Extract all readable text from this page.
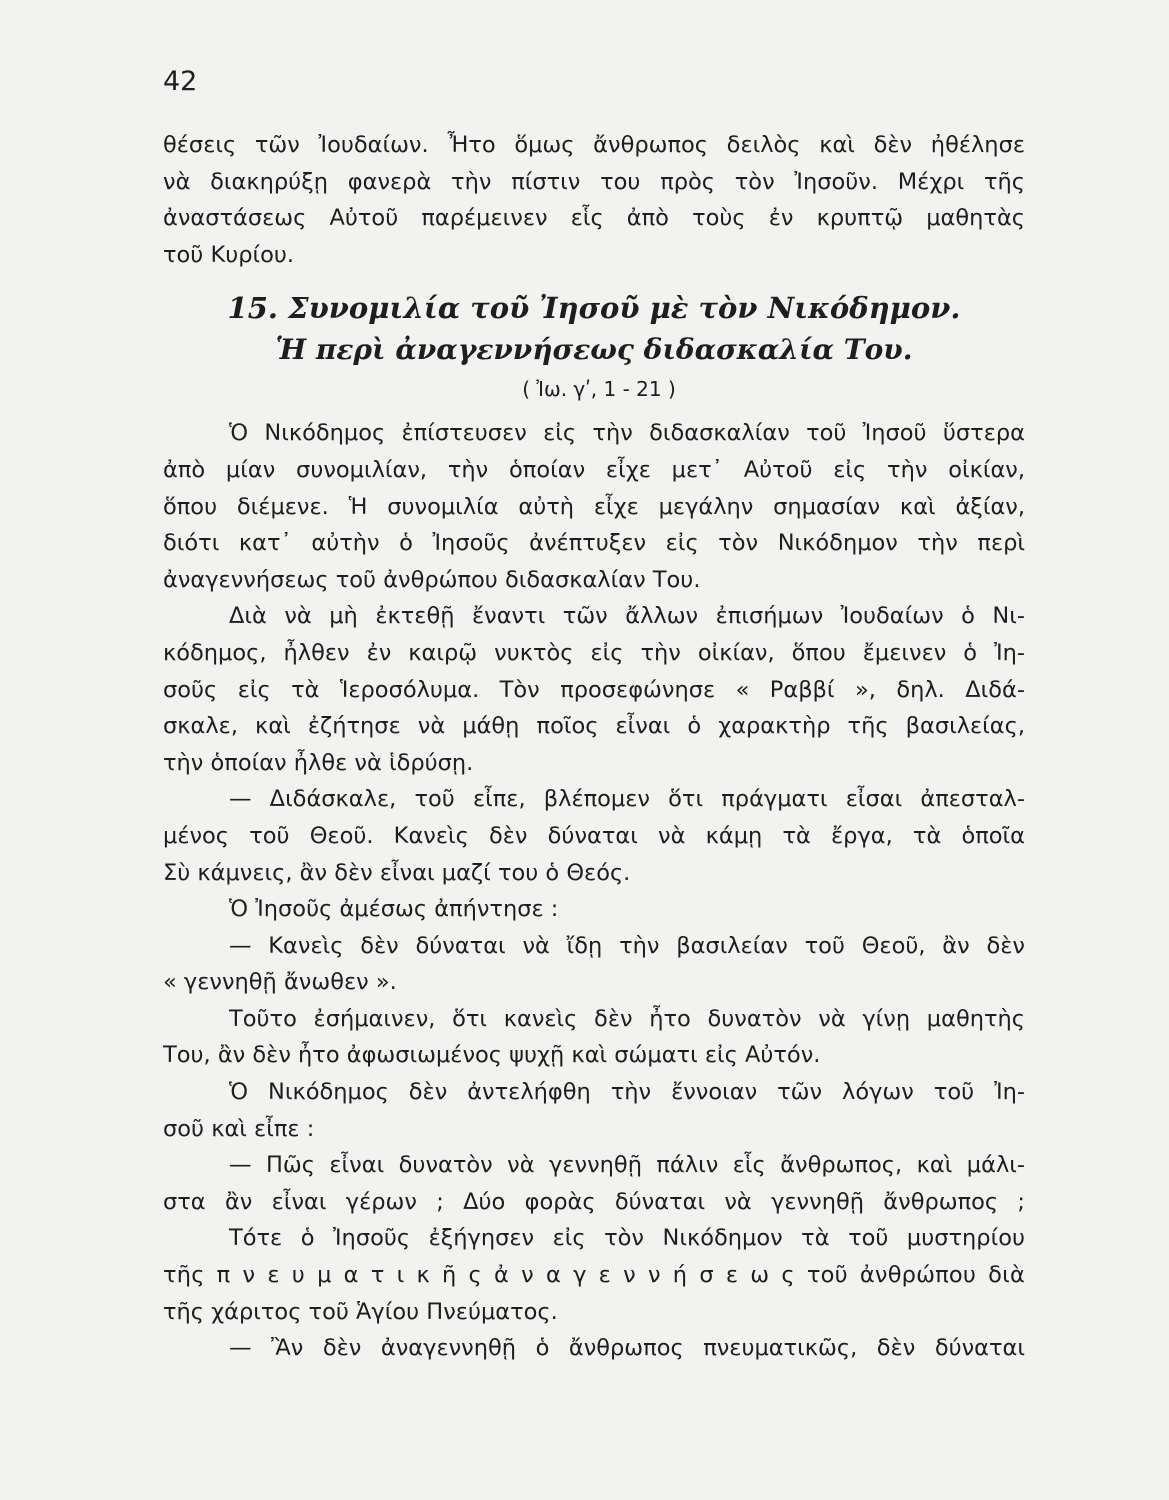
42
θέσεις τῶν Ἰουδαίων. Ἦτο ὅμως ἄνθρωπος δειλὸς καὶ δὲν ἠθέλησε
νὰ διακηρύξῃ φανερὰ τὴν πίστιν του πρὸς τὸν Ἰησοῦν. Μέχρι τῆς
ἀναστάσεως Αὐτοῦ παρέμεινεν εἷς ἀπὸ τοὺς ἐν κρυπτῷ μαθητὰς
τοῦ Κυρίου.
15. Συνομιλία τοῦ Ἰησοῦ μὲ τὸν Νικόδημον.
Ἡ περὶ ἀναγεννήσεως διδασκαλία Του.
( Ἰω. γʹ, 1 - 21 )
Ὁ Νικόδημος ἐπίστευσεν εἰς τὴν διδασκαλίαν τοῦ Ἰησοῦ ὕστερα
ἀπὸ μίαν συνομιλίαν, τὴν ὁποίαν εἶχε μετ᾽ Αὐτοῦ εἰς τὴν οἰκίαν,
ὅπου διέμενε. Ἡ συνομιλία αὐτὴ εἶχε μεγάλην σημασίαν καὶ ἀξίαν,
διότι κατ᾽ αὐτὴν ὁ Ἰησοῦς ἀνέπτυξεν εἰς τὸν Νικόδημον τὴν περὶ
ἀναγεννήσεως τοῦ ἀνθρώπου διδασκαλίαν Του.
Διὰ νὰ μὴ ἐκτεθῇ ἔναντι τῶν ἄλλων ἐπισήμων Ἰουδαίων ὁ Νι-
κόδημος, ἦλθεν ἐν καιρῷ νυκτὸς εἰς τὴν οἰκίαν, ὅπου ἔμεινεν ὁ Ἰη-
σοῦς εἰς τὰ Ἱεροσόλυμα. Τὸν προσεφώνησε « Ραββί », δηλ. Διδά-
σκαλε, καὶ ἐζήτησε νὰ μάθῃ ποῖος εἶναι ὁ χαρακτὴρ τῆς βασιλείας,
τὴν ὁποίαν ἦλθε νὰ ἱδρύσῃ.
— Διδάσκαλε, τοῦ εἶπε, βλέπομεν ὅτι πράγματι εἶσαι ἀπεσταλ-
μένος τοῦ Θεοῦ. Κανεὶς δὲν δύναται νὰ κάμῃ τὰ ἔργα, τὰ ὁποῖα
Σὺ κάμνεις, ἂν δὲν εἶναι μαζί του ὁ Θεός.
Ὁ Ἰησοῦς ἀμέσως ἀπήντησε :
— Κανεὶς δὲν δύναται νὰ ἴδῃ τὴν βασιλείαν τοῦ Θεοῦ, ἂν δὲν
« γεννηθῇ ἄνωθεν ».
Τοῦτο ἐσήμαινεν, ὅτι κανεὶς δὲν ἦτο δυνατὸν νὰ γίνῃ μαθητὴς
Του, ἂν δὲν ἦτο ἀφωσιωμένος ψυχῇ καὶ σώματι εἰς Αὐτόν.
Ὁ Νικόδημος δὲν ἀντελήφθη τὴν ἔννοιαν τῶν λόγων τοῦ Ἰη-
σοῦ καὶ εἶπε :
— Πῶς εἶναι δυνατὸν νὰ γεννηθῇ πάλιν εἷς ἄνθρωπος, καὶ μάλι-
στα ἂν εἶναι γέρων ; Δύο φορὰς δύναται νὰ γεννηθῇ ἄνθρωπος ;
Τότε ὁ Ἰησοῦς ἐξήγησεν εἰς τὸν Νικόδημον τὰ τοῦ μυστηρίου
τῆς π ν ε υ μ α τ ι κ ῆ ς ἀ ν α γ ε ν ν ή σ ε ω ς τοῦ ἀνθρώπου διὰ
τῆς χάριτος τοῦ Ἁγίου Πνεύματος.
— Ἂν δὲν ἀναγεννηθῇ ὁ ἄνθρωπος πνευματικῶς, δὲν δύναται
